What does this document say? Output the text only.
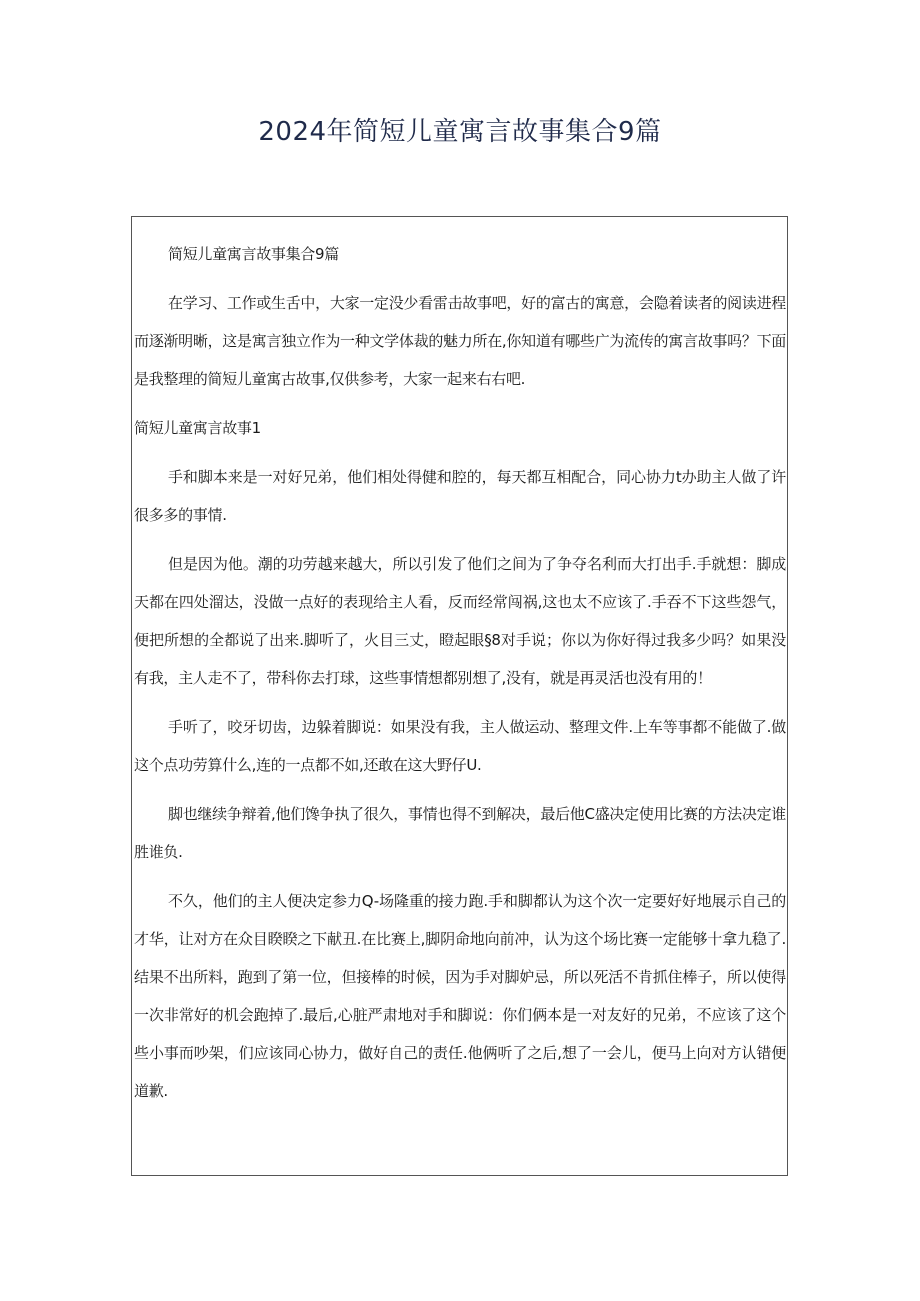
2024年简短儿童寓言故事集合9篇

简短儿童寓言故事集合9篇

在学习、工作或生舌中，大家一定没少看雷击故事吧，好的富古的寓意，会隐着读者的阅读进程而逐渐明晰，这是寓言独立作为一种文学体裁的魅力所在,你知道有哪些广为流传的寓言故事吗？下面是我整理的简短儿童寓古故事,仅供参考，大家一起来右右吧.

简短儿童寓言故事1

手和脚本来是一对好兄弟，他们相处得健和腔的，每天都互相配合，同心协力t办助主人做了许很多多的事情.

但是因为他。潮的功劳越来越大，所以引发了他们之间为了争夺名利而大打出手.手就想：脚成天都在四处溜达，没做一点好的表现给主人看，反而经常闯祸,这也太不应该了.手吞不下这些怨气，便把所想的全都说了出来.脚听了，火目三丈，瞪起眼§8对手说；你以为你好得过我多少吗？如果没有我，主人走不了，带科你去打球，这些事情想都别想了,没有，就是再灵活也没有用的！

手听了，咬牙切齿，边躲着脚说：如果没有我，主人做运动、整理文件.上车等事都不能做了.做这个点功劳算什么,连的一点都不如,还敢在这大野仔U.

脚也继续争辩着,他们馋争执了很久，事情也得不到解决，最后他C盛决定使用比赛的方法决定谁胜谁负.

不久，他们的主人便决定参力Q-场隆重的接力跑.手和脚都认为这个次一定要好好地展示自己的才华，让对方在众目睽睽之下献丑.在比赛上,脚阴命地向前冲，认为这个场比赛一定能够十拿九稳了.结果不出所料，跑到了第一位，但接棒的时候，因为手对脚妒忌，所以死活不肯抓住棒子，所以使得一次非常好的机会跑掉了.最后,心脏严肃地对手和脚说：你们俩本是一对友好的兄弟，不应该了这个些小事而吵架，们应该同心协力，做好自己的责任.他俩听了之后,想了一会儿，便马上向对方认错便道歉.
